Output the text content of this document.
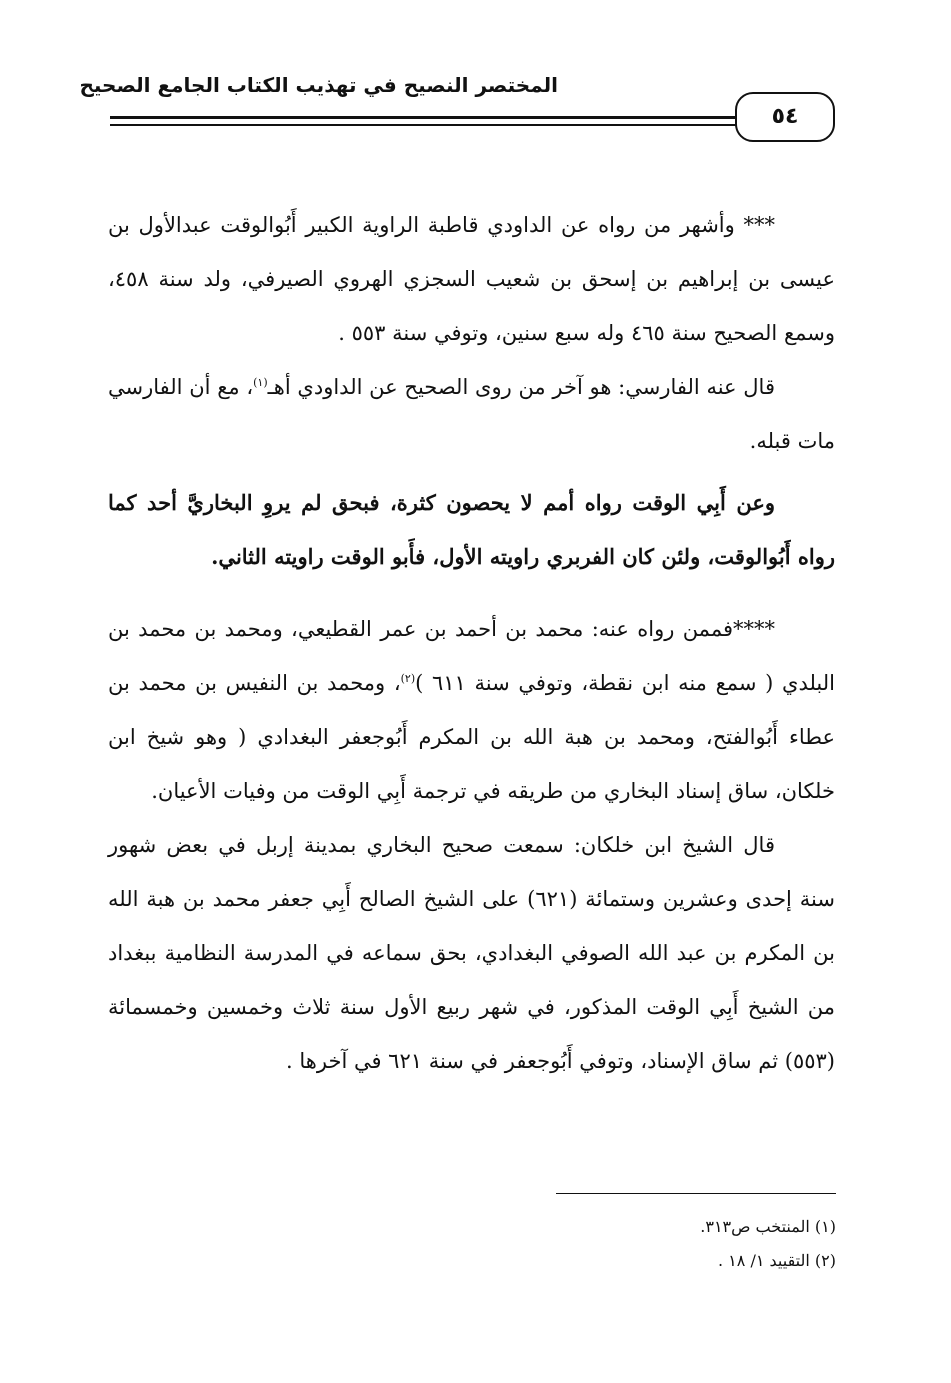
المختصر النصيح في تهذيب الكتاب الجامع الصحيح
٥٤

*** وأشهر من رواه عن الداودي قاطبة الراوية الكبير أَبُوالوقت عبدالأول بن عيسى بن إبراهيم بن إسحق بن شعيب السجزي الهروي الصيرفي، ولد سنة ٤٥٨، وسمع الصحيح سنة ٤٦٥ وله سبع سنين، وتوفي سنة ٥٥٣ .

قال عنه الفارسي: هو آخر من روى الصحيح عن الداودي أهـ$^{(١)}$، مع أن الفارسي مات قبله.

وعن أَبِي الوقت رواه أمم لا يحصون كثرة، فبحق لم يروِ البخاريَّ أحد كما رواه أَبُوالوقت، ولئن كان الفربري راويته الأول، فأَبو الوقت راويته الثاني.

****فممن رواه عنه: محمد بن أحمد بن عمر القطيعي، ومحمد بن محمد بن البلدي ( سمع منه ابن نقطة، وتوفي سنة ٦١١ )$^{(٢)}$، ومحمد بن النفيس بن محمد بن عطاء أَبُوالفتح، ومحمد بن هبة الله بن المكرم أَبُوجعفر البغدادي ( وهو شيخ ابن خلكان، ساق إسناد البخاري من طريقه في ترجمة أَبِي الوقت من وفيات الأعيان.

قال الشيخ ابن خلكان: سمعت صحيح البخاري بمدينة إربل في بعض شهور سنة إحدى وعشرين وستمائة (٦٢١) على الشيخ الصالح أَبِي جعفر محمد بن هبة الله بن المكرم بن عبد الله الصوفي البغدادي، بحق سماعه في المدرسة النظامية ببغداد من الشيخ أَبِي الوقت المذكور، في شهر ربيع الأول سنة ثلاث وخمسين وخمسمائة (٥٥٣) ثم ساق الإسناد، وتوفي أَبُوجعفر في سنة ٦٢١ في آخرها .

(١) المنتخب ص٣١٣.

(٢) التقييد ١/ ١٨ .
